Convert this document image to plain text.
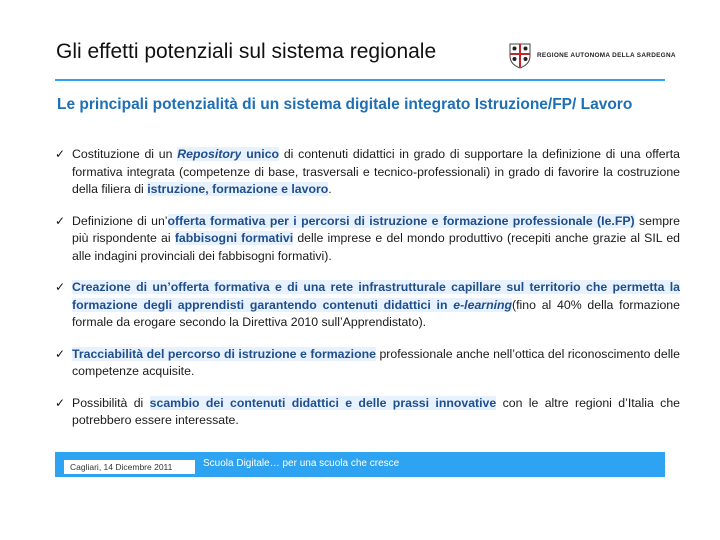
Gli effetti potenziali sul sistema regionale	REGIONE AUTONOMA DELLA SARDEGNA
Le principali potenzialità di un sistema digitale integrato Istruzione/FP/ Lavoro
✓ Costituzione di un Repository unico di contenuti didattici in grado di supportare la definizione di una offerta formativa integrata (competenze di base, trasversali e tecnico-professionali) in grado di favorire la costruzione della filiera di istruzione, formazione e lavoro.
✓ Definizione di un’offerta formativa per i percorsi di istruzione e formazione professionale (Ie.FP) sempre più rispondente ai fabbisogni formativi delle imprese e del mondo produttivo (recepiti anche grazie al SIL ed alle indagini provinciali dei fabbisogni formativi).
✓ Creazione di un’offerta formativa e di una rete infrastrutturale capillare sul territorio che permetta la formazione degli apprendisti garantendo contenuti didattici in e-learning(fino al 40% della formazione formale da erogare secondo la Direttiva 2010 sull’Apprendistato).
✓ Tracciabilità del percorso di istruzione e formazione professionale anche nell’ottica del riconoscimento delle competenze acquisite.
✓ Possibilità di scambio dei contenuti didattici e delle prassi innovative con le altre regioni d’Italia che potrebbero essere interessate.
Cagliari, 14 Dicembre 2011	Scuola Digitale… per una scuola che cresce
